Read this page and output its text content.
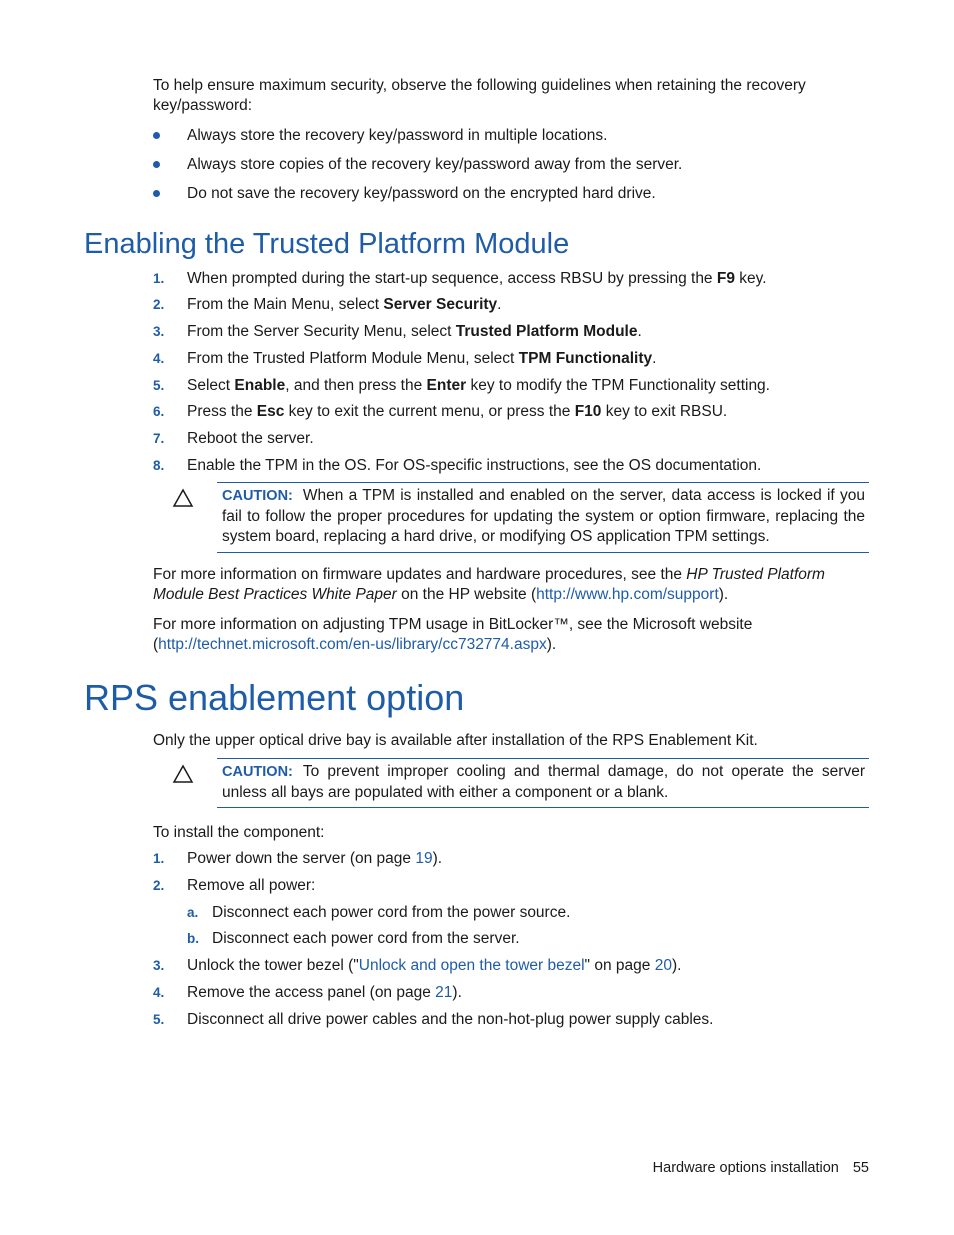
To help ensure maximum security, observe the following guidelines when retaining the recovery key/password:
Always store the recovery key/password in multiple locations.
Always store copies of the recovery key/password away from the server.
Do not save the recovery key/password on the encrypted hard drive.
Enabling the Trusted Platform Module
1. When prompted during the start-up sequence, access RBSU by pressing the F9 key.
2. From the Main Menu, select Server Security.
3. From the Server Security Menu, select Trusted Platform Module.
4. From the Trusted Platform Module Menu, select TPM Functionality.
5. Select Enable, and then press the Enter key to modify the TPM Functionality setting.
6. Press the Esc key to exit the current menu, or press the F10 key to exit RBSU.
7. Reboot the server.
8. Enable the TPM in the OS. For OS-specific instructions, see the OS documentation.
CAUTION: When a TPM is installed and enabled on the server, data access is locked if you fail to follow the proper procedures for updating the system or option firmware, replacing the system board, replacing a hard drive, or modifying OS application TPM settings.
For more information on firmware updates and hardware procedures, see the HP Trusted Platform Module Best Practices White Paper on the HP website (http://www.hp.com/support).
For more information on adjusting TPM usage in BitLocker™, see the Microsoft website (http://technet.microsoft.com/en-us/library/cc732774.aspx).
RPS enablement option
Only the upper optical drive bay is available after installation of the RPS Enablement Kit.
CAUTION: To prevent improper cooling and thermal damage, do not operate the server unless all bays are populated with either a component or a blank.
To install the component:
1. Power down the server (on page 19).
2. Remove all power:
a. Disconnect each power cord from the power source.
b. Disconnect each power cord from the server.
3. Unlock the tower bezel ("Unlock and open the tower bezel" on page 20).
4. Remove the access panel (on page 21).
5. Disconnect all drive power cables and the non-hot-plug power supply cables.
Hardware options installation 55
